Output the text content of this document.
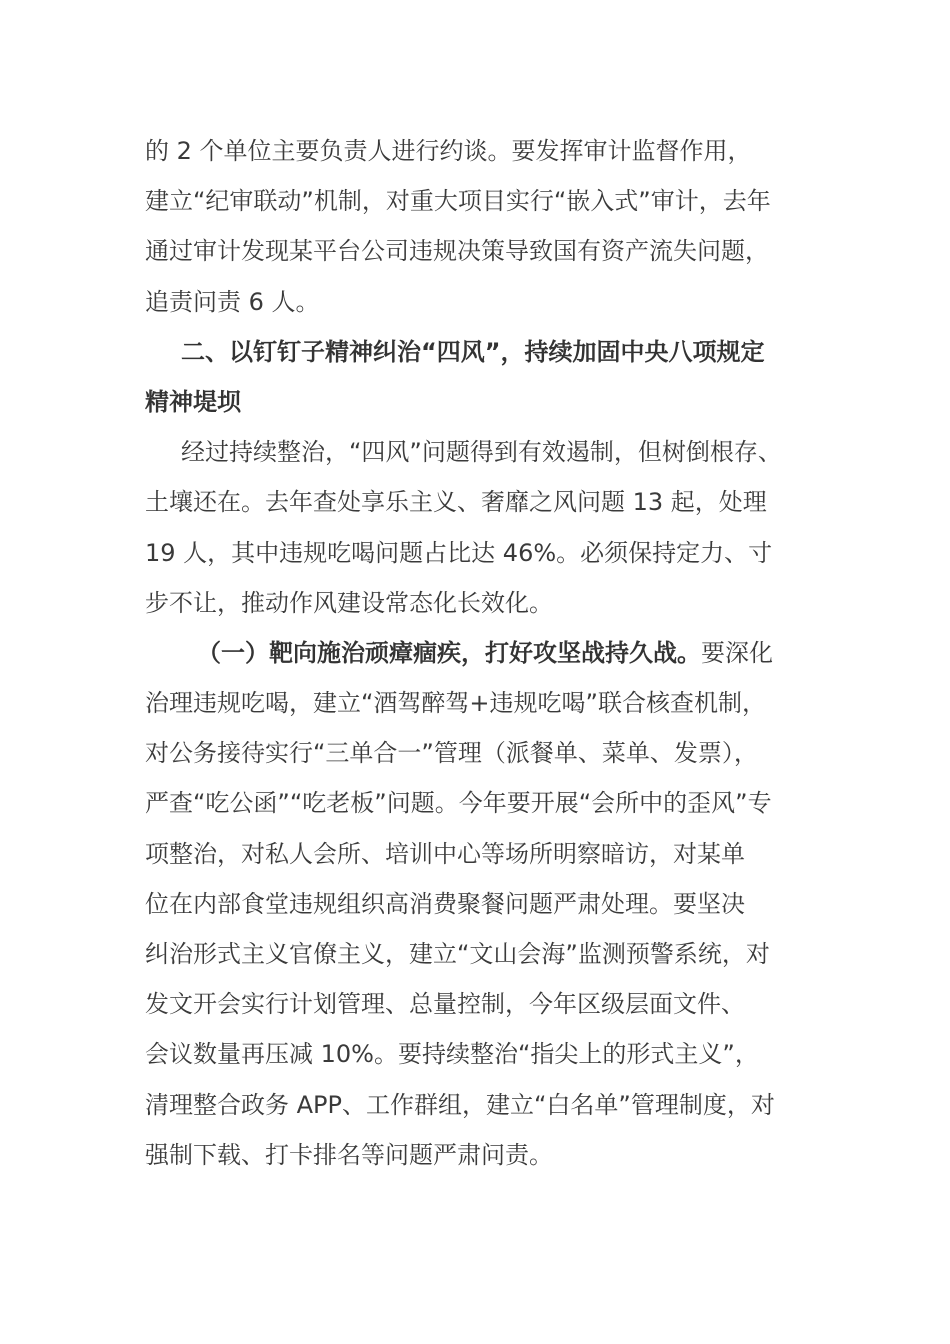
的 2 个单位主要负责人进行约谈。要发挥审计监督作用，
建立“纪审联动”机制，对重大项目实行“嵌入式”审计，去年
通过审计发现某平台公司违规决策导致国有资产流失问题，
追责问责 6 人。
二、以钉钉子精神纠治“四风”，持续加固中央八项规定
精神堤坝
经过持续整治，“四风”问题得到有效遏制，但树倒根存、
土壤还在。去年查处享乐主义、奢靡之风问题 13 起，处理
19 人，其中违规吃喝问题占比达 46%。必须保持定力、寸
步不让，推动作风建设常态化长效化。
（一）靶向施治顽瘴痼疾，打好攻坚战持久战。要深化
治理违规吃喝，建立“酒驾醉驾+违规吃喝”联合核查机制，
对公务接待实行“三单合一”管理（派餐单、菜单、发票），
严查“吃公函”“吃老板”问题。今年要开展“会所中的歪风”专
项整治，对私人会所、培训中心等场所明察暗访，对某单
位在内部食堂违规组织高消费聚餐问题严肃处理。要坚决
纠治形式主义官僚主义，建立“文山会海”监测预警系统，对
发文开会实行计划管理、总量控制，今年区级层面文件、
会议数量再压减 10%。要持续整治“指尖上的形式主义”，
清理整合政务 APP、工作群组，建立“白名单”管理制度，对
强制下载、打卡排名等问题严肃问责。
